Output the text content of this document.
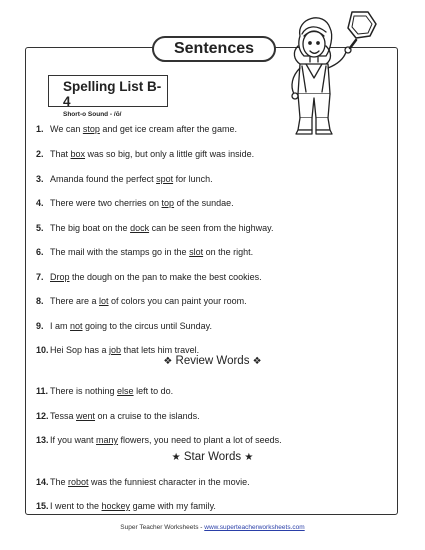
Sentences
Spelling List B-4
Short-o Sound - /ŏ/
1. We can stop and get ice cream after the game.
2. That box was so big, but only a little gift was inside.
3. Amanda found the perfect spot for lunch.
4. There were two cherries on top of the sundae.
5. The big boat on the dock can be seen from the highway.
6. The mail with the stamps go in the slot on the right.
7. Drop the dough on the pan to make the best cookies.
8. There are a lot of colors you can paint your room.
9. I am not going to the circus until Sunday.
10.Hei Sop has a job that lets him travel.
11. There is nothing else left to do.
12.Tessa went on a cruise to the islands.
13.If you want many flowers, you need to plant a lot of seeds.
14.The robot was the funniest character in the movie.
15.I went to the hockey game with my family.
❖ Review Words ❖
★ Star Words ★
Super Teacher Worksheets - www.superteacherworksheets.com
